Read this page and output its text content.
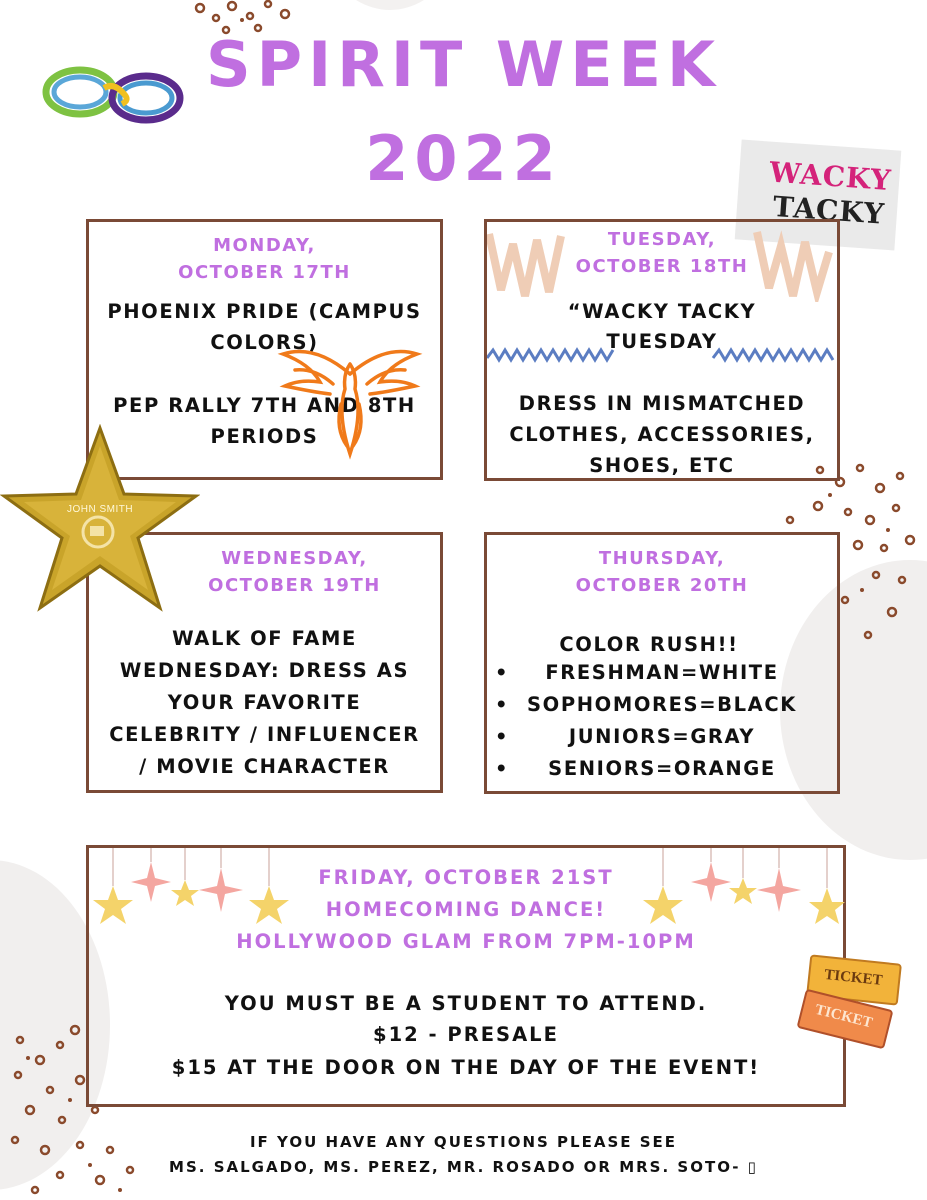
SPIRIT WEEK
2022	WACKY
TACKY
MONDAY,
OCTOBER 17TH
PHOENIX PRIDE (CAMPUS
COLORS)
PEP RALLY 7TH AND 8TH
PERIODS
TUESDAY,
OCTOBER 18TH
“WACKY TACKY
TUESDAY
DRESS IN MISMATCHED
CLOTHES, ACCESSORIES,
SHOES, ETC
WEDNESDAY,
OCTOBER 19TH
WALK OF FAME
WEDNESDAY: DRESS AS
YOUR FAVORITE
CELEBRITY / INFLUENCER
/ MOVIE CHARACTER
JOHN SMITH
THURSDAY,
OCTOBER 20TH
COLOR RUSH!!
• FRESHMAN=WHITE
• SOPHOMORES=BLACK
•	JUNIORS=GRAY
• SENIORS=ORANGE
FRIDAY, OCTOBER 21ST
HOMECOMING DANCE!
HOLLYWOOD GLAM FROM 7PM-10PM
YOU MUST BE A STUDENT TO ATTEND.
$12 - PRESALE
$15 AT THE DOOR ON THE DAY OF THE EVENT!
TICKET
TICKET
IF YOU HAVE ANY QUESTIONS PLEASE SEE
MS. SALGADO, MS. PEREZ, MR. ROSADO OR MRS. SOTO- ▯
